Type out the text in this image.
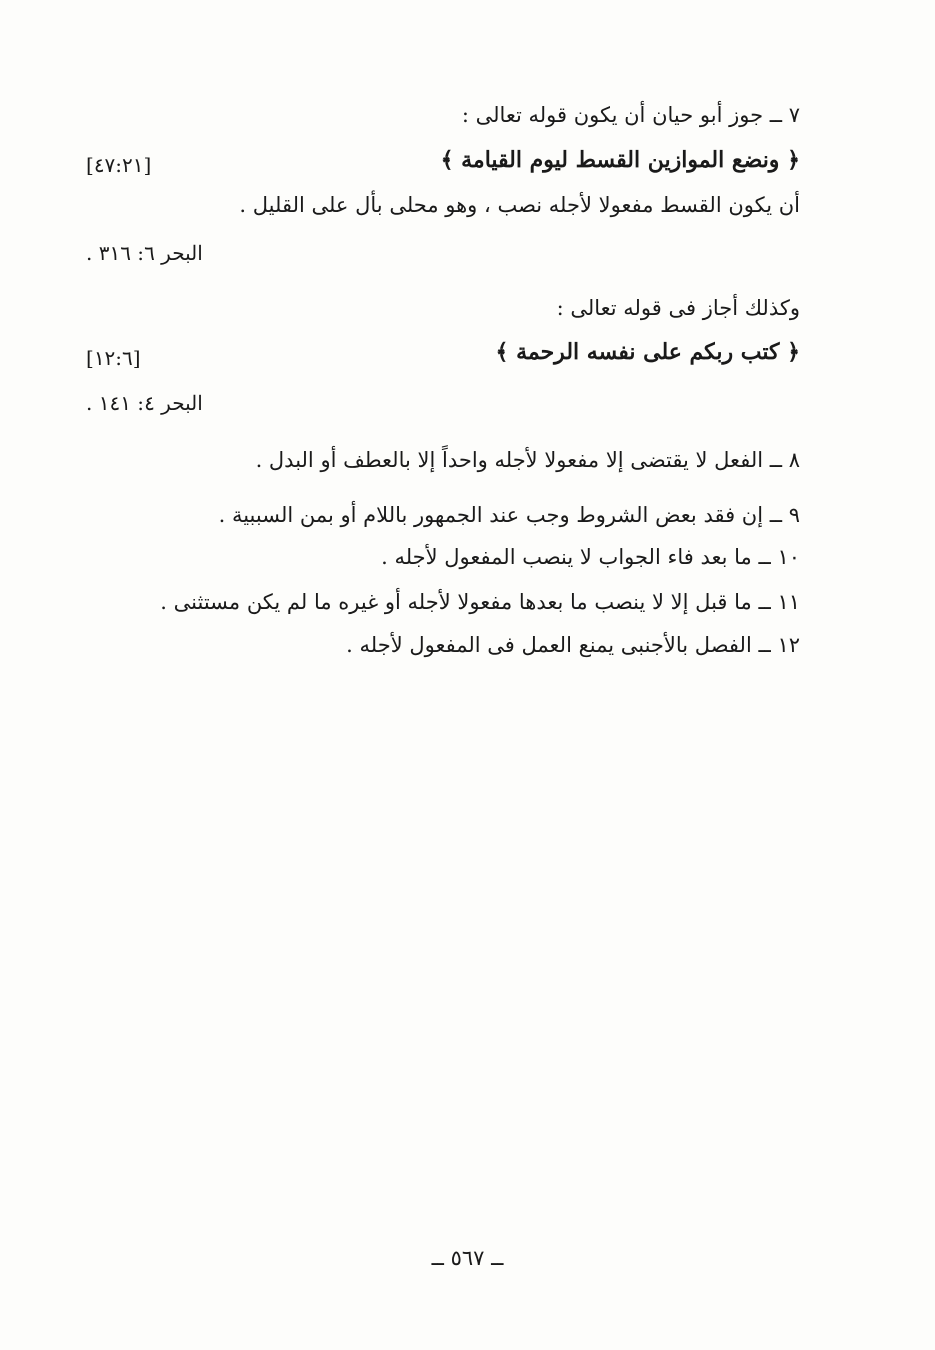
٧ ــ جوز أبو حيان أن يكون قوله تعالى :
﴿ ونضع الموازين القسط ليوم القيامة ﴾
[٤٧:٢١]
أن يكون القسط مفعولا لأجله نصب ، وهو محلى بأل على القليل .
البحر ٦: ٣١٦ .
وكذلك أجاز فى قوله تعالى :
﴿ كتب ربكم على نفسه الرحمة ﴾
[١٢:٦]
البحر ٤: ١٤١ .
٨ ــ الفعل لا يقتضى إلا مفعولا لأجله واحداً إلا بالعطف أو البدل .
٩ ــ إن فقد بعض الشروط وجب عند الجمهور باللام أو بمن السببية .
١٠ ــ ما بعد فاء الجواب لا ينصب المفعول لأجله .
١١ ــ ما قبل إلا لا ينصب ما بعدها مفعولا لأجله أو غيره ما لم يكن مستثنى .
١٢ ــ الفصل بالأجنبى يمنع العمل فى المفعول لأجله .
ــ ٥٦٧ ــ
